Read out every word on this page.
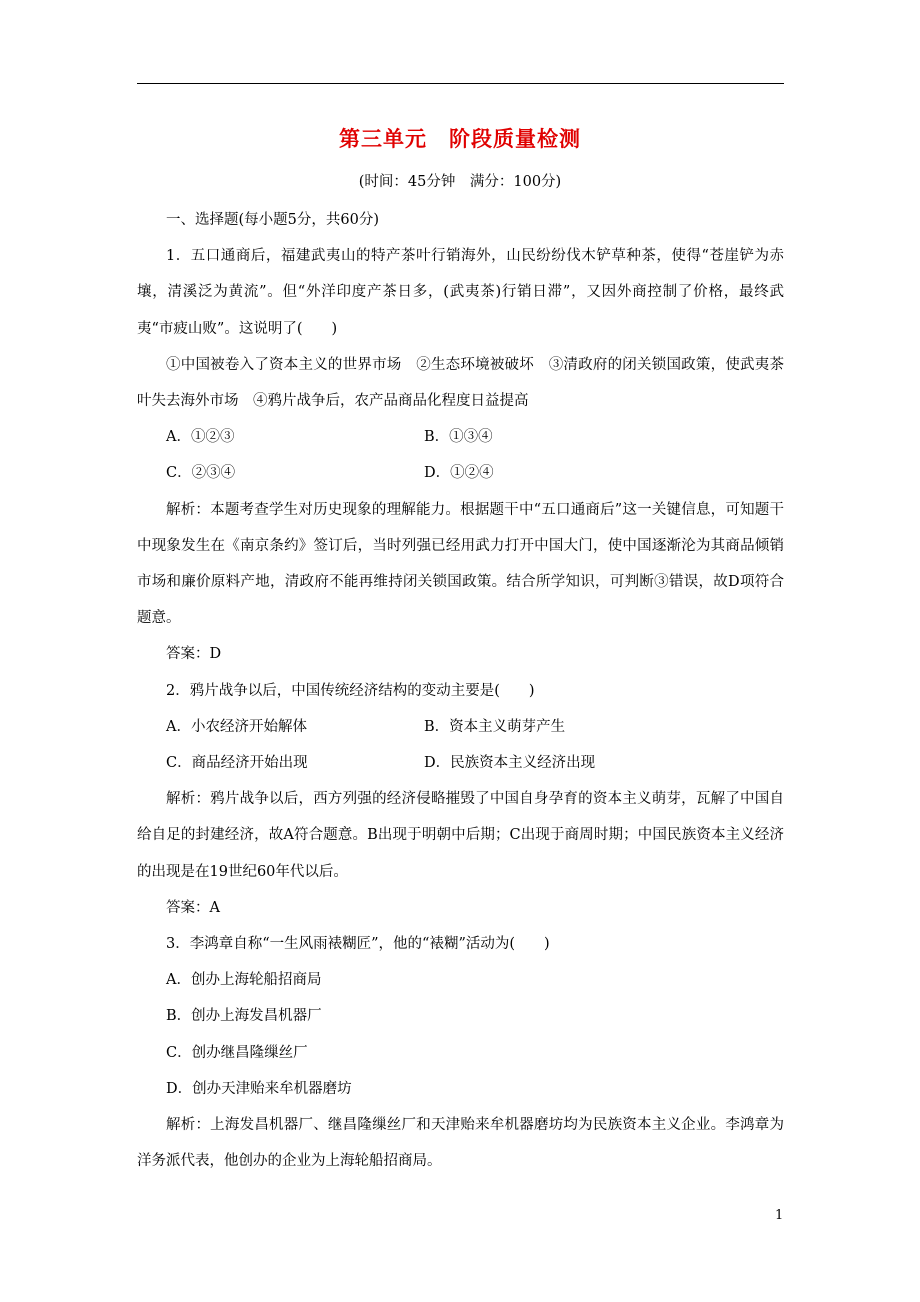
第三单元　阶段质量检测
(时间：45分钟　满分：100分)

一、选择题(每小题5分，共60分)

1．五口通商后，福建武夷山的特产茶叶行销海外，山民纷纷伐木铲草种茶，使得“苍崖铲为赤壤，清溪泛为黄流”。但“外洋印度产茶日多，(武夷茶)行销日滞”，又因外商控制了价格，最终武夷“市疲山败”。这说明了(　　)

①中国被卷入了资本主义的世界市场　②生态环境被破坏　③清政府的闭关锁国政策，使武夷茶叶失去海外市场　④鸦片战争后，农产品商品化程度日益提高

A．①②③	B．①③④
C．②③④	D．①②④

解析：本题考查学生对历史现象的理解能力。根据题干中“五口通商后”这一关键信息，可知题干中现象发生在《南京条约》签订后，当时列强已经用武力打开中国大门，使中国逐渐沦为其商品倾销市场和廉价原料产地，清政府不能再维持闭关锁国政策。结合所学知识，可判断③错误，故D项符合题意。

答案：D

2．鸦片战争以后，中国传统经济结构的变动主要是(　　)

A．小农经济开始解体	B．资本主义萌芽产生
C．商品经济开始出现	D．民族资本主义经济出现

解析：鸦片战争以后，西方列强的经济侵略摧毁了中国自身孕育的资本主义萌芽，瓦解了中国自给自足的封建经济，故A符合题意。B出现于明朝中后期；C出现于商周时期；中国民族资本主义经济的出现是在19世纪60年代以后。

答案：A

3．李鸿章自称“一生风雨裱糊匠”，他的“裱糊”活动为(　　)

A．创办上海轮船招商局
B．创办上海发昌机器厂
C．创办继昌隆缫丝厂
D．创办天津贻来牟机器磨坊

解析：上海发昌机器厂、继昌隆缫丝厂和天津贻来牟机器磨坊均为民族资本主义企业。李鸿章为洋务派代表，他创办的企业为上海轮船招商局。

1
